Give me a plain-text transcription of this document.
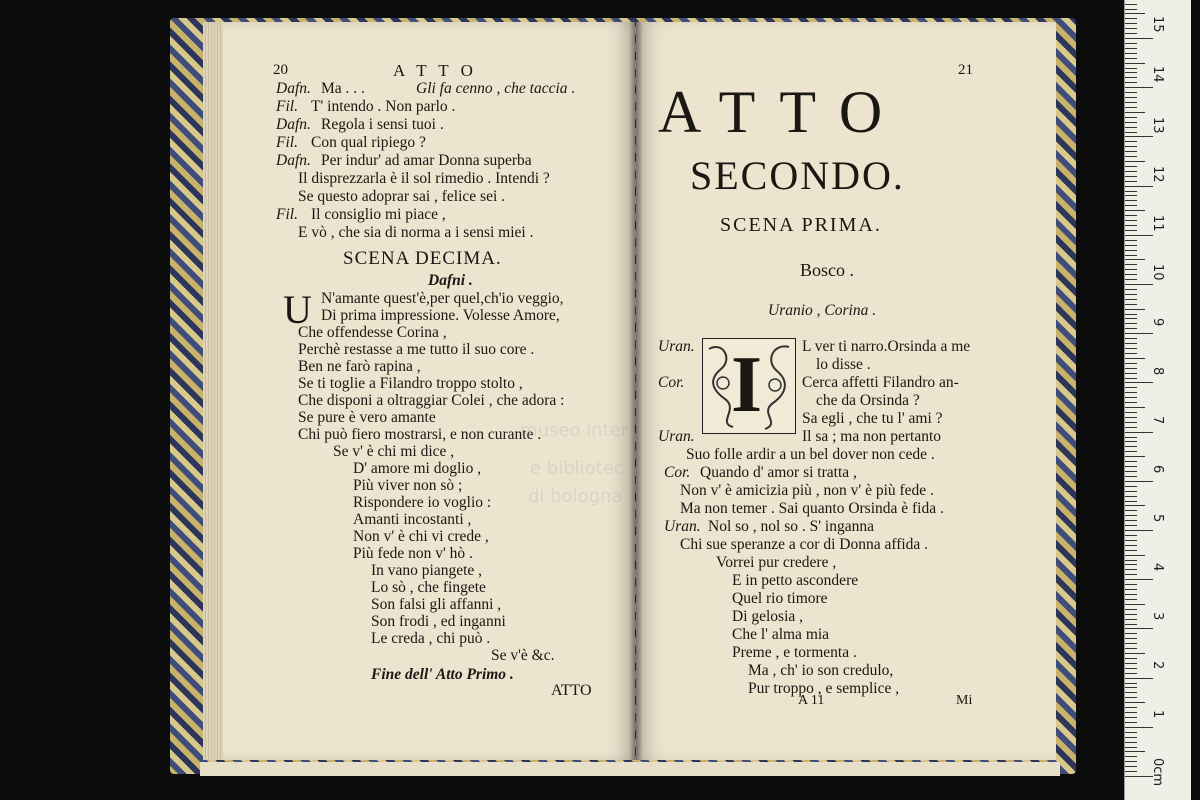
20	A T T O
Dafn. Ma . . .	Gli fa cenno , che taccia .
Fil. T' intendo . Non parlo .
Dafn. Regola i sensi tuoi .
Fil. Con qual ripiego ?
Dafn. Per indur' ad amar Donna superba
Il disprezzarla è il sol rimedio . Intendi ?
Se questo adoprar sai , felice sei .
Fil. Il consiglio mi piace ,
E vò , che sia di norma a i sensi miei .
SCENA DECIMA.
Dafni .
U N'amante quest'è,per quel,ch'io veggio,
Di prima impressione. Volesse Amore,
Che offendesse Corina ,
Perchè restasse a me tutto il suo core .
Ben ne farò rapina ,
Se ti toglie a Filandro troppo stolto ,
Che disponi a oltraggiar Colei , che adora :
Se pure è vero amante
Chi può fiero mostrarsi, e non curante .
Se v' è chi mi dice ,
D' amore mi doglio ,
Più viver non sò ;
Rispondere io voglio :
Amanti incostanti ,
Non v' è chi vi crede ,
Più fede non v' hò .
In vano piangete ,
Lo sò , che fingete
Son falsi gli affanni ,
Son frodi , ed inganni
Le creda , chi può .
Se v'è &c.
Fine dell' Atto Primo .
ATTO
21
ATTO
SECONDO.
SCENA PRIMA.
Bosco .
Uranio , Corina .
I
Uran.	L ver ti narro.Orsinda a me
lo disse .
Cor.	Cerca affetti Filandro an-
che da Orsinda ?
Sa egli , che tu l' ami ?
Uran.	Il sa ; ma non pertanto
Suo folle ardir a un bel dover non cede .
Cor. Quando d' amor si tratta ,
Non v' è amicizia più , non v' è più fede .
Ma non temer . Sai quanto Orsinda è fida .
Uran. Nol so , nol so . S' inganna
Chi sue speranze a cor di Donna affida .
Vorrei pur credere ,
E in petto ascondere
Quel rio timore
Di gelosia ,
Che l' alma mia
Preme , e tormenta .
Ma , ch' io son credulo,
Pur troppo , e semplice ,
A 11	Mi
museo inter
e bibliotec
di bologna
0cm
1
2
3
4
5
6
7
8
9
10
11
12
13
14
15
